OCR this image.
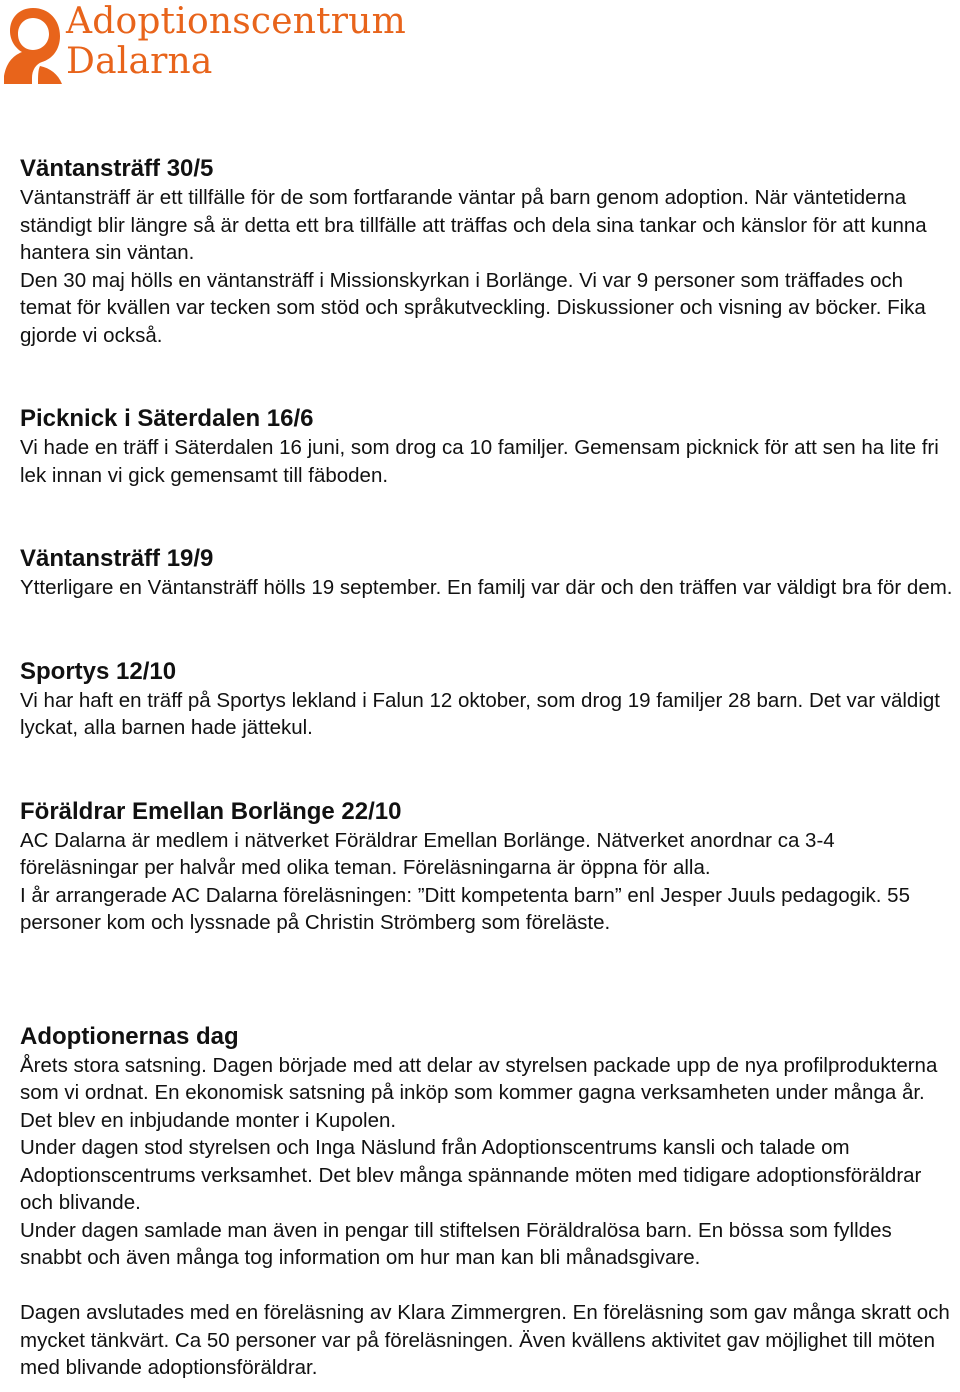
Adoptionscentrum
Dalarna
Väntansträff 30/5

Väntansträff är ett tillfälle för de som fortfarande väntar på barn genom adoption. När väntetiderna ständigt blir längre så är detta ett bra tillfälle att träffas och dela sina tankar och känslor för att kunna hantera sin väntan.

Den 30 maj hölls en väntansträff i Missionskyrkan i Borlänge. Vi var 9 personer som träffades och temat för kvällen var tecken som stöd och språkutveckling. Diskussioner och visning av böcker. Fika gjorde vi också.

Picknick i Säterdalen 16/6

Vi hade en träff i Säterdalen 16 juni, som drog ca 10 familjer. Gemensam picknick för att sen ha lite fri lek innan vi gick gemensamt till fäboden.

Väntansträff 19/9

Ytterligare en Väntansträff hölls 19 september. En familj var där och den träffen var väldigt bra för dem.

Sportys 12/10

Vi har haft en träff på Sportys lekland i Falun 12 oktober, som drog 19 familjer 28 barn. Det var väldigt lyckat, alla barnen hade jättekul.

Föräldrar Emellan Borlänge 22/10

AC Dalarna är medlem i nätverket Föräldrar Emellan Borlänge. Nätverket anordnar ca 3-4 föreläsningar per halvår med olika teman. Föreläsningarna är öppna för alla.

I år arrangerade AC Dalarna föreläsningen: ”Ditt kompetenta barn” enl Jesper Juuls pedagogik. 55 personer kom och lyssnade på Christin Strömberg som föreläste.

Adoptionernas dag

Årets stora satsning. Dagen började med att delar av styrelsen packade upp de nya profilprodukterna som vi ordnat. En ekonomisk satsning på inköp som kommer gagna verksamheten under många år. Det blev en inbjudande monter i Kupolen.

Under dagen stod styrelsen och Inga Näslund från Adoptionscentrums kansli och talade om Adoptionscentrums verksamhet. Det blev många spännande möten med tidigare adoptionsföräldrar och blivande.

Under dagen samlade man även in pengar till stiftelsen Föräldralösa barn. En bössa som fylldes snabbt och även många tog information om hur man kan bli månadsgivare.

Dagen avslutades med en föreläsning av Klara Zimmergren. En föreläsning som gav många skratt och mycket tänkvärt. Ca 50 personer var på föreläsningen. Även kvällens aktivitet gav möjlighet till möten med blivande adoptionsföräldrar.
